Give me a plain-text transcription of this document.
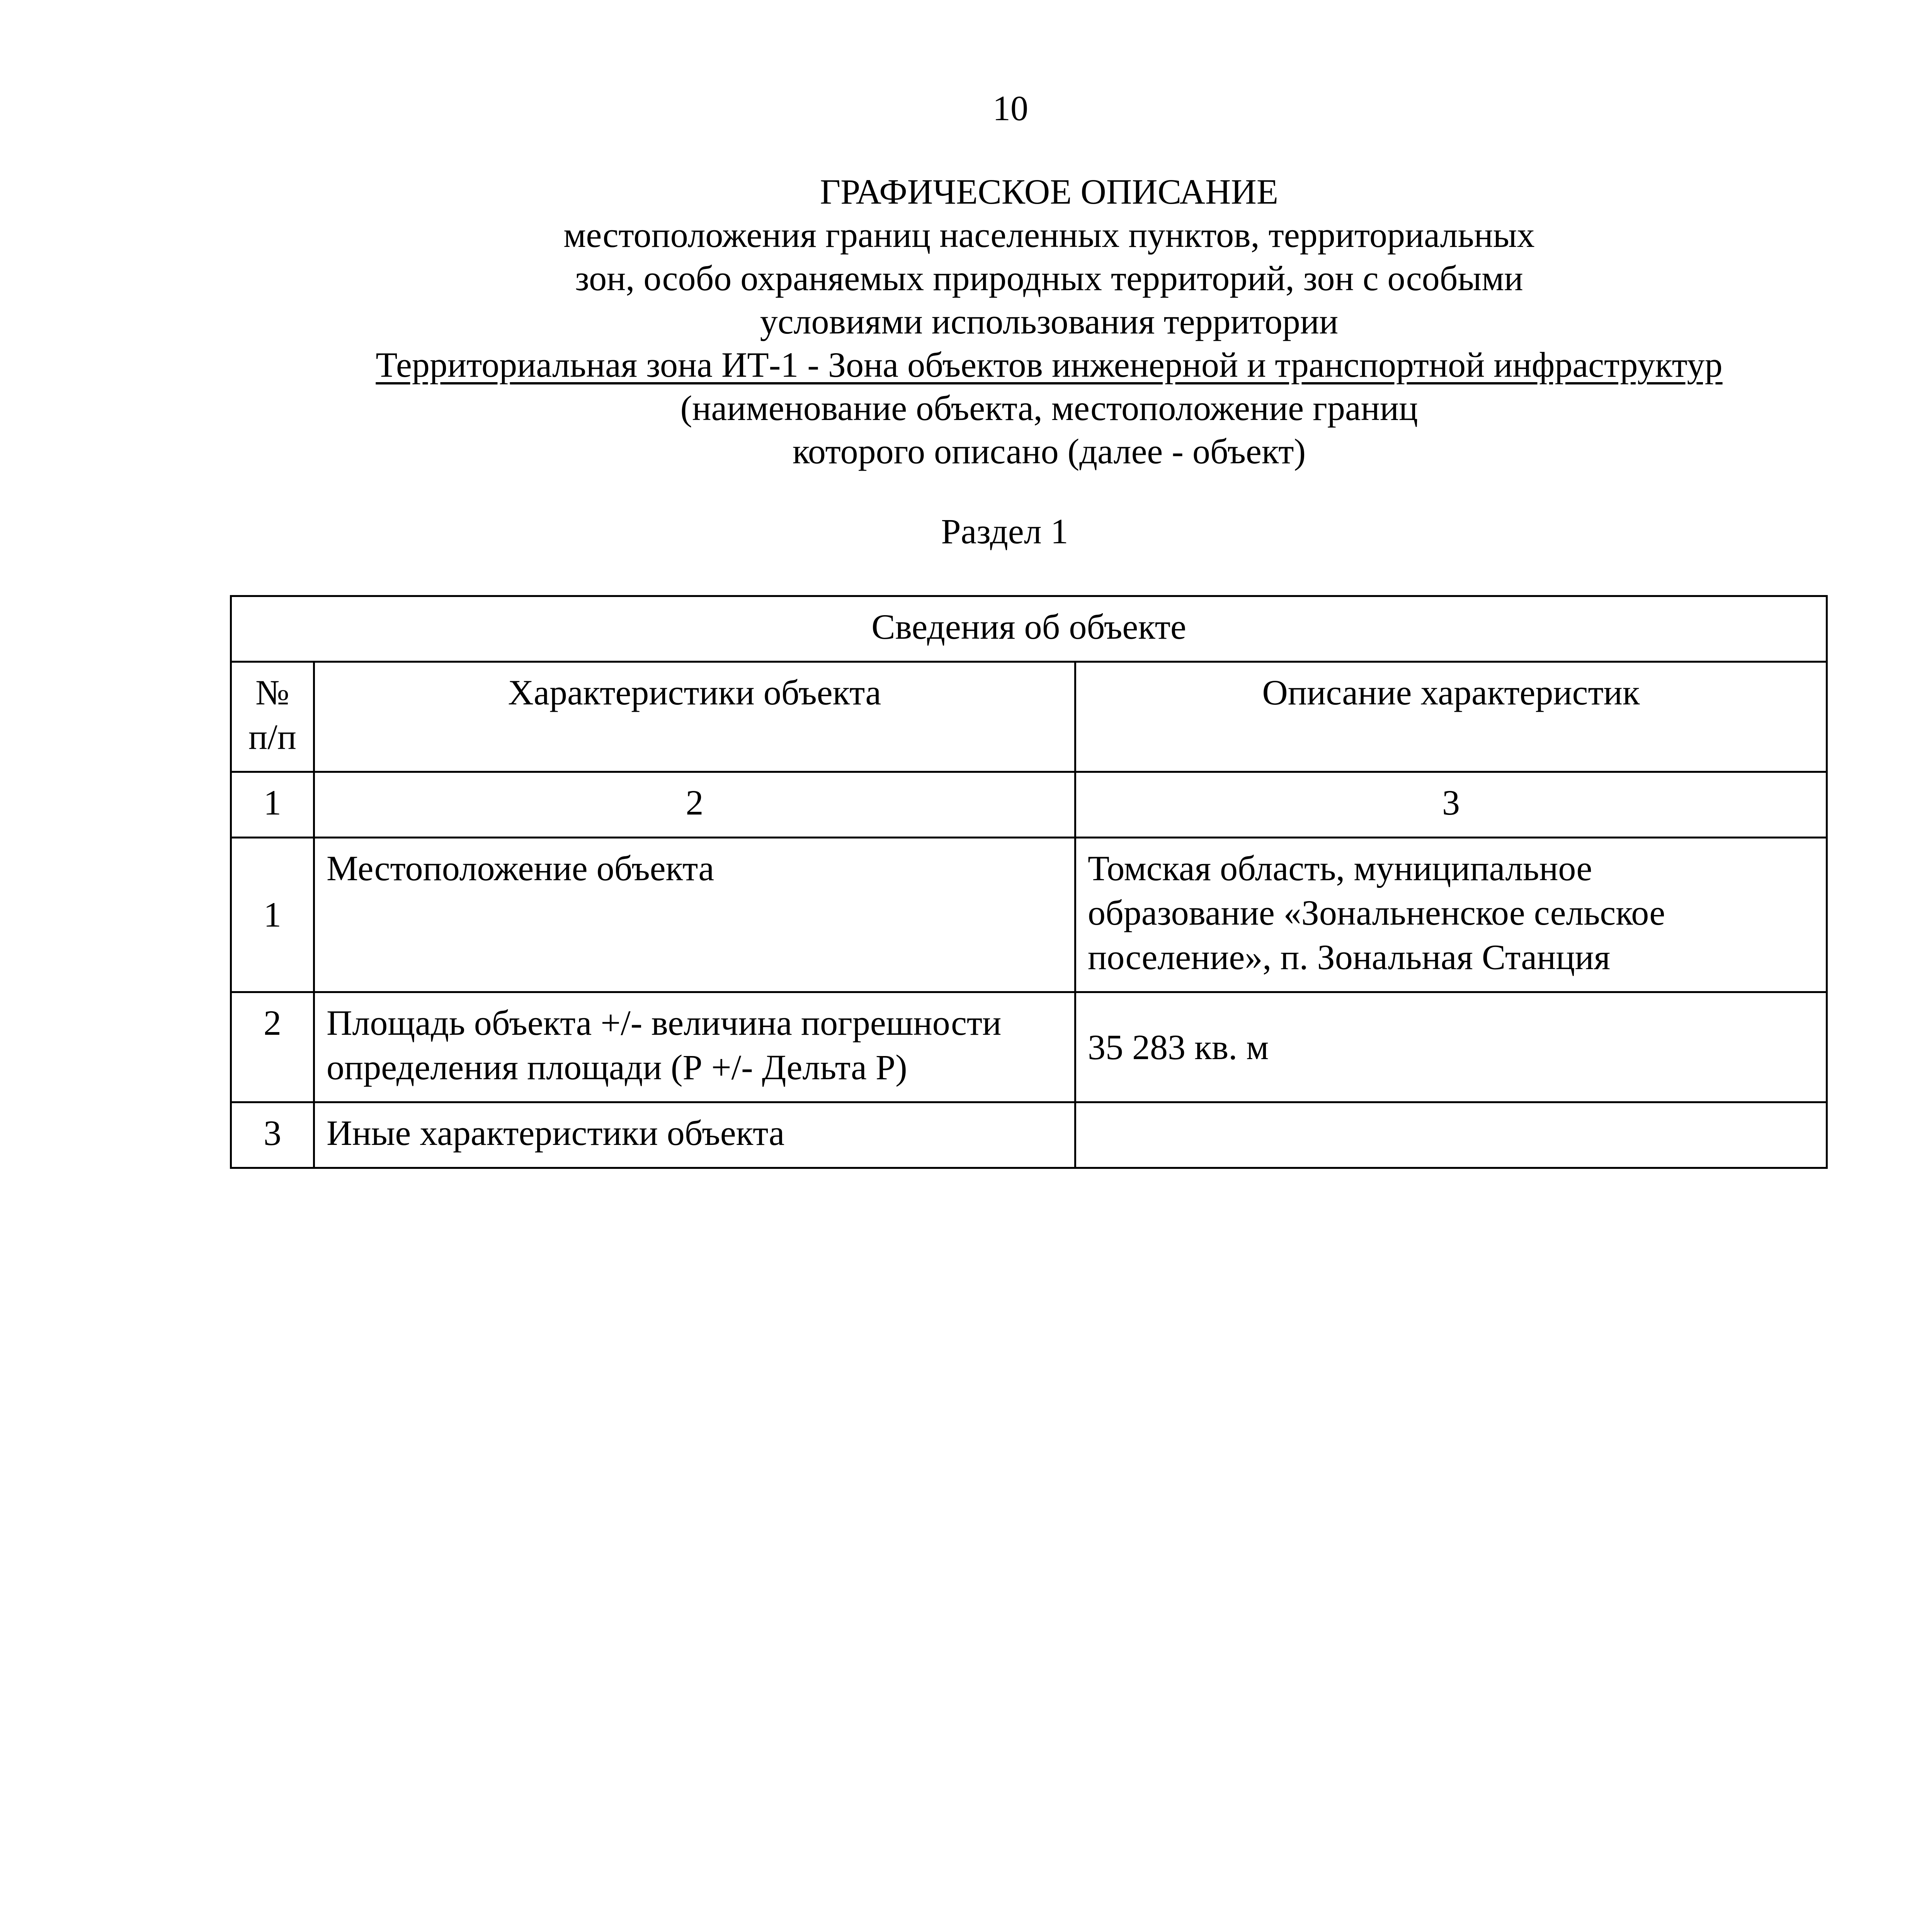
10
ГРАФИЧЕСКОЕ ОПИСАНИЕ
местоположения границ населенных пунктов, территориальных
зон, особо охраняемых природных территорий, зон с особыми
условиями использования территории
Территориальная зона ИТ-1 - Зона объектов инженерной и транспортной инфраструктур
(наименование объекта, местоположение границ
которого описано (далее - объект)
Раздел 1
Сведения об объекте		

№
п/п	Характеристики объекта	Описание характеристик
1	2	3
1	Местоположение объекта	Томская область, муниципальное
образование «Зональненское сельское
поселение», п. Зональная Станция

2	Площадь объекта +/- величина погрешности
определения площади (Р +/- Дельта Р)	35 283 кв. м
3	Иные характеристики объекта	
